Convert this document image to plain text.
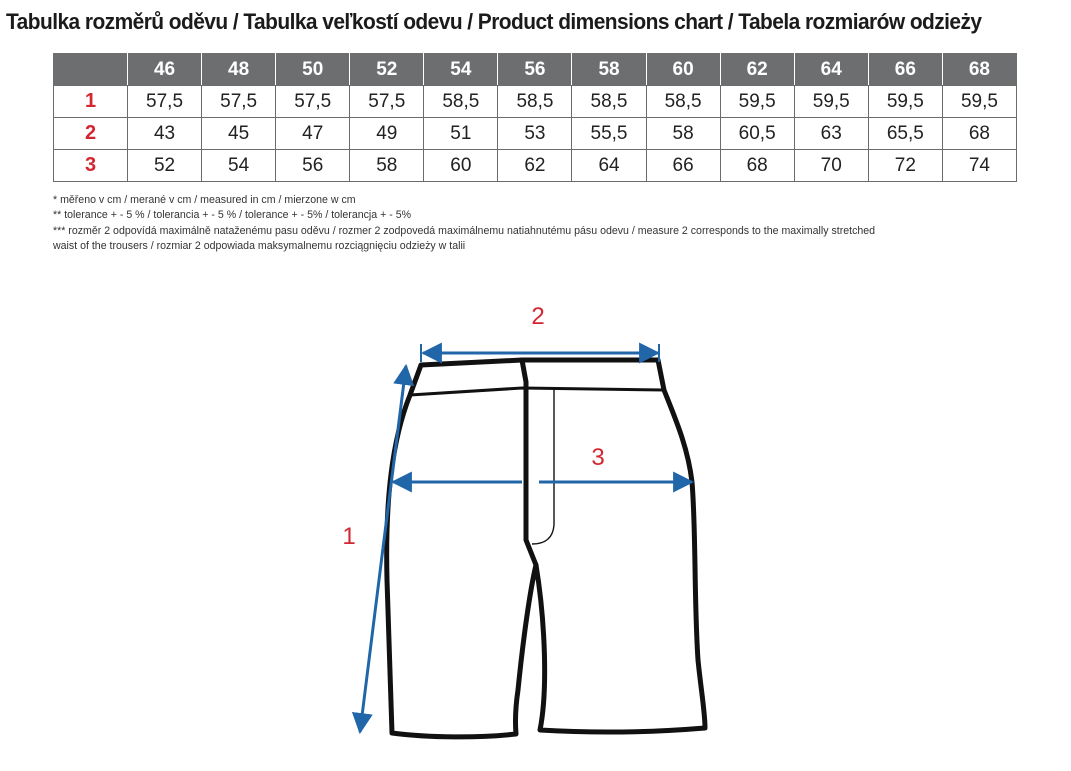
Tabulka rozměrů oděvu / Tabulka veľkostí odevu / Product dimensions chart / Tabela rozmiarów odzieży
	46	48	50	52	54	56	58	60	62	64	66	68
1	57,5	57,5	57,5	57,5	58,5	58,5	58,5	58,5	59,5	59,5	59,5	59,5
2	43	45	47	49	51	53	55,5	58	60,5	63	65,5	68
3	52	54	56	58	60	62	64	66	68	70	72	74
* měřeno v cm / merané v cm / measured in cm / mierzone w cm
** tolerance + - 5 % / tolerancia + - 5 % / tolerance + - 5% / tolerancja + - 5%
*** rozměr 2 odpovídá maximálně nataženému pasu oděvu / rozmer 2 zodpovedá maximálnemu natiahnutému pásu odevu / measure 2 corresponds to the maximally stretched
waist of the trousers / rozmiar 2 odpowiada maksymalnemu rozciągnięciu odzieży w talii
2
3
1
